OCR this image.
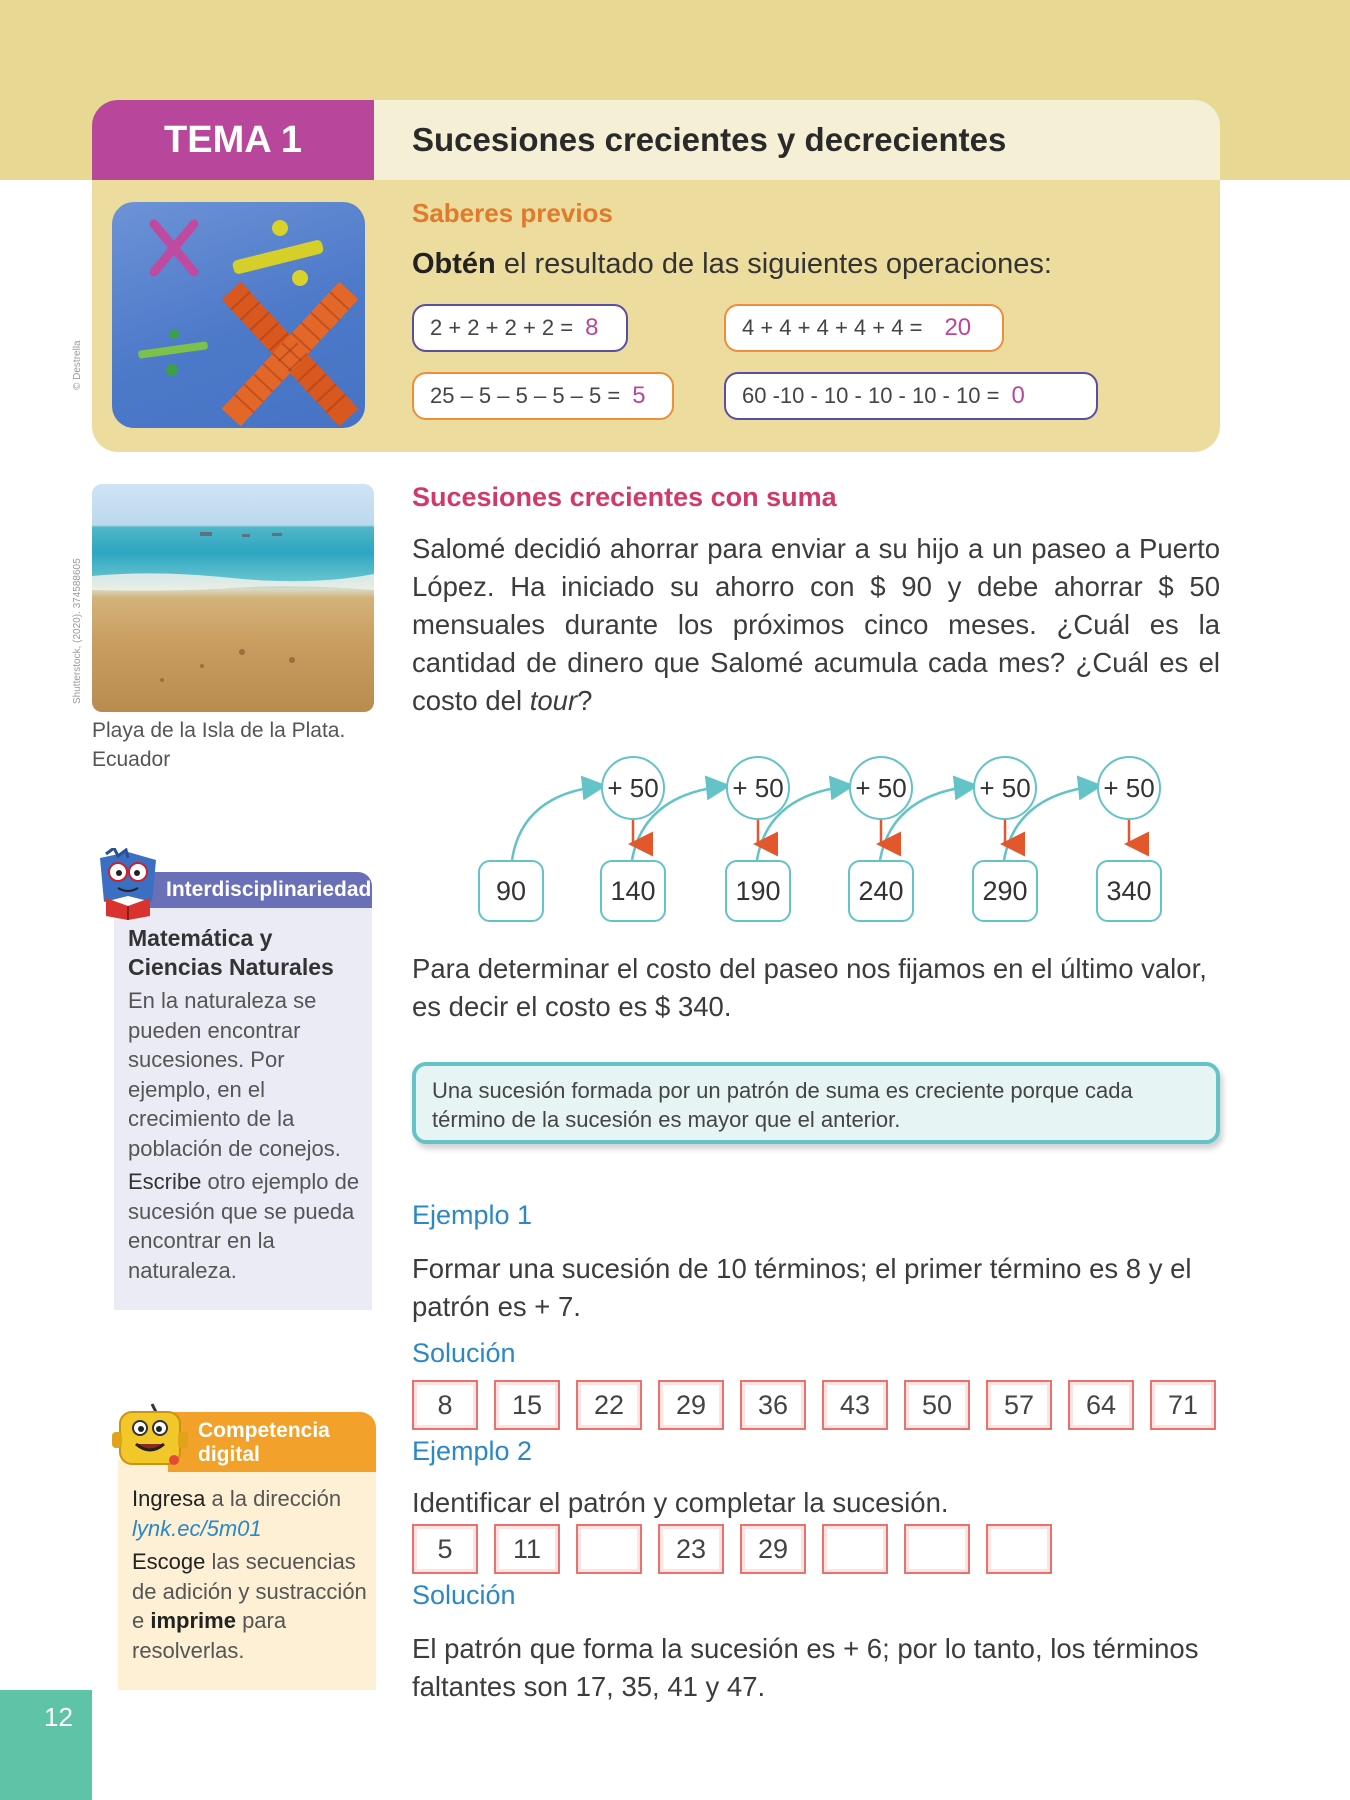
TEMA 1	Sucesiones crecientes y decrecientes
© Destrella
Saberes previos
Obtén el resultado de las siguientes operaciones:
2 + 2 + 2 + 2 = 8	4 + 4 + 4 + 4 + 4 = 20
25 – 5 – 5 – 5 – 5 = 5	60 -10 - 10 - 10 - 10 - 10 = 0
Shutterstock, (2020). 374588605
Playa de la Isla de la Plata.
Ecuador
Sucesiones crecientes con suma
Salomé decidió ahorrar para enviar a su hijo a un paseo a Puerto López. Ha iniciado su ahorro con $ 90 y debe ahorrar $ 50 mensuales durante los próximos cinco meses. ¿Cuál es la cantidad de dinero que Salomé acumula cada mes? ¿Cuál es el costo del tour?
+ 50	+ 50	+ 50	+ 50	+ 50
90	140	190	240	290	340
Para determinar el costo del paseo nos fijamos en el último valor, es decir el costo es $ 340.
Una sucesión formada por un patrón de suma es creciente porque cada término de la sucesión es mayor que el anterior.
Ejemplo 1
Formar una sucesión de 10 términos; el primer término es 8 y el patrón es + 7.
Solución
8	15	22	29	36	43	50	57	64	71
Ejemplo 2
Identificar el patrón y completar la sucesión.
5	11	23	29
Solución
El patrón que forma la sucesión es + 6; por lo tanto, los términos faltantes son 17, 35, 41 y 47.
Interdisciplinariedad
Matemática y Ciencias Naturales
En la naturaleza se pueden encontrar sucesiones. Por ejemplo, en el crecimiento de la población de conejos.
Escribe otro ejemplo de sucesión que se pueda encontrar en la naturaleza.
Competencia
digital
Ingresa a la dirección
lynk.ec/5m01
Escoge las secuencias de adición y sustracción e imprime para resolverlas.
12
